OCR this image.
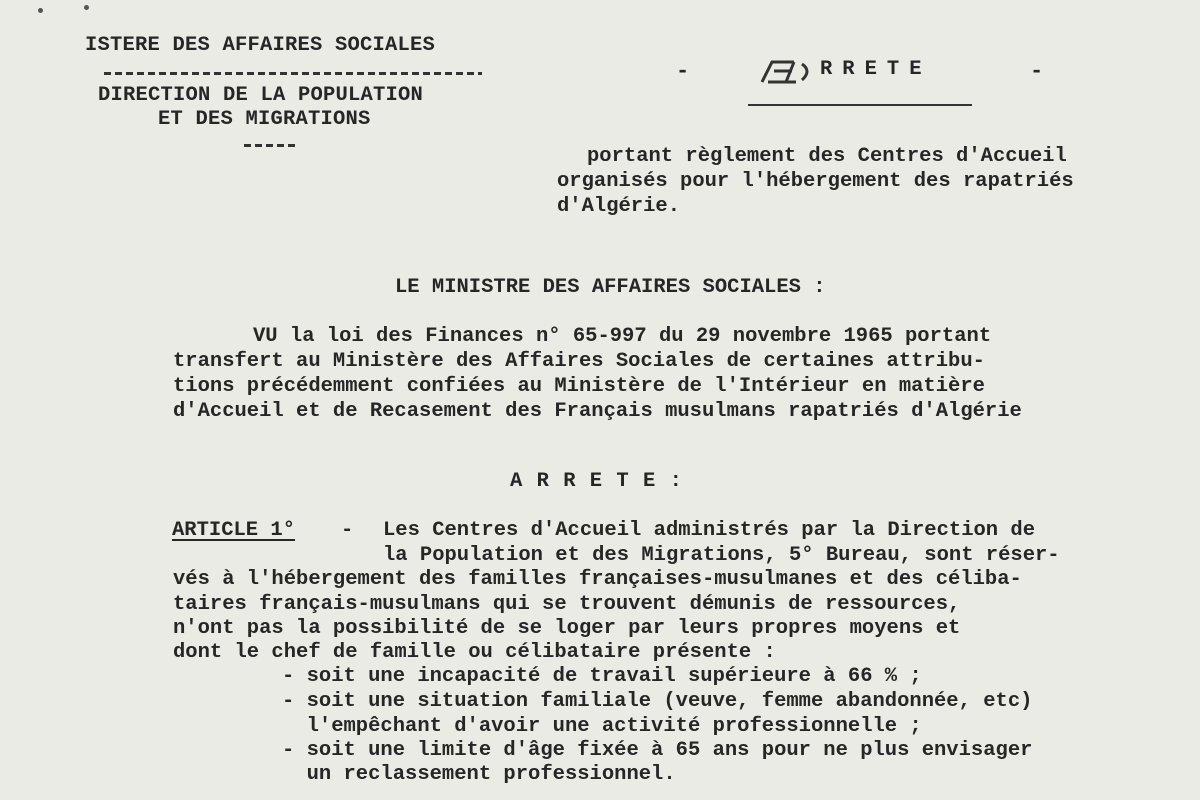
ISTERE DES AFFAIRES SOCIALES
DIRECTION DE LA POPULATION
ET DES MIGRATIONS
-	RRETE	-
portant règlement des Centres d'Accueil
organisés pour l'hébergement des rapatriés
d'Algérie.
LE MINISTRE DES AFFAIRES SOCIALES :
VU la loi des Finances n° 65-997 du 29 novembre 1965 portant
transfert au Ministère des Affaires Sociales de certaines attribu-
tions précédemment confiées au Ministère de l'Intérieur en matière
d'Accueil et de Recasement des Français musulmans rapatriés d'Algérie
A R R E T E :
ARTICLE 1° - Les Centres d'Accueil administrés par la Direction de
la Population et des Migrations, 5° Bureau, sont réser-
vés à l'hébergement des familles françaises-musulmanes et des céliba-
taires français-musulmans qui se trouvent démunis de ressources,
n'ont pas la possibilité de se loger par leurs propres moyens et
dont le chef de famille ou célibataire présente :
- soit une incapacité de travail supérieure à 66 % ;
- soit une situation familiale (veuve, femme abandonnée, etc)
l'empêchant d'avoir une activité professionnelle ;
- soit une limite d'âge fixée à 65 ans pour ne plus envisager
un reclassement professionnel.
